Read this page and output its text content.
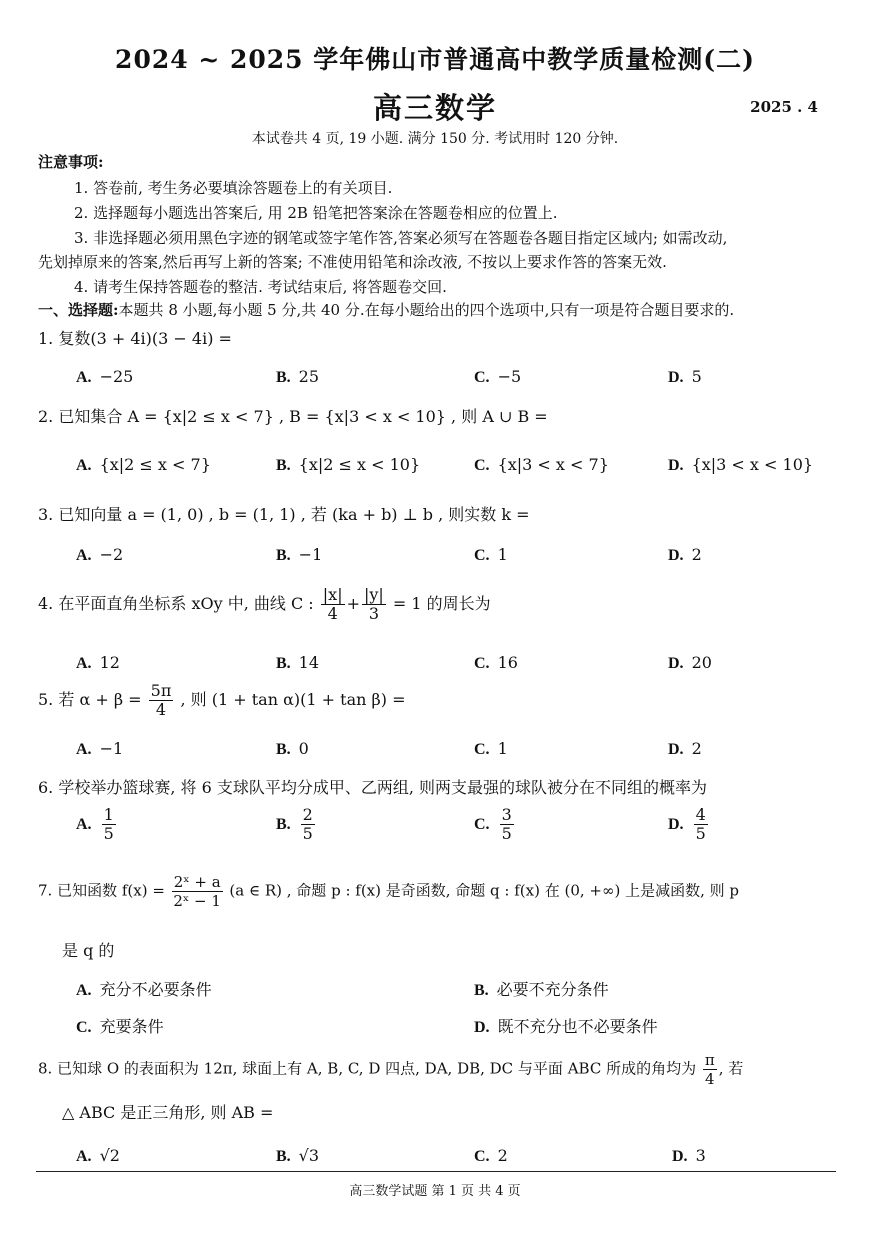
2024 ~ 2025 学年佛山市普通高中教学质量检测(二)
高三数学	2025 . 4
本试卷共 4 页, 19 小题. 满分 150 分. 考试用时 120 分钟.
注意事项:
1. 答卷前, 考生务必要填涂答题卷上的有关项目.
2. 选择题每小题选出答案后, 用 2B 铅笔把答案涂在答题卷相应的位置上.
3. 非选择题必须用黑色字迹的钢笔或签字笔作答,答案必须写在答题卷各题目指定区域内; 如需改动,
先划掉原来的答案,然后再写上新的答案; 不准使用铅笔和涂改液, 不按以上要求作答的答案无效.
4. 请考生保持答题卷的整洁. 考试结束后, 将答题卷交回.
一、选择题:本题共 8 小题,每小题 5 分,共 40 分.在每小题给出的四个选项中,只有一项是符合题目要求的.
1. 复数(3 + 4i)(3 − 4i) =
A. −25	B. 25	C. −5	D. 5
2. 已知集合 A = {x|2 ≤ x < 7} , B = {x|3 < x < 10} , 则 A ∪ B =
A. {x|2 ≤ x < 7}	B. {x|2 ≤ x < 10}	C. {x|3 < x < 7}	D. {x|3 < x < 10}
3. 已知向量 a = (1, 0) , b = (1, 1) , 若 (ka + b) ⊥ b , 则实数 k =
A. −2	B. −1	C. 1	D. 2
4. 在平面直角坐标系 xOy 中, 曲线 C : $\frac{|x|}{4} + \frac{|y|}{3} = 1$ 的周长为
A. 12	B. 14	C. 16	D. 20
5. 若 $\alpha + \beta = \frac{5\pi}{4}$ , 则 (1 + tan α)(1 + tan β) =
A. −1	B. 0	C. 1	D. 2
6. 学校举办篮球赛, 将 6 支球队平均分成甲、乙两组, 则两支最强的球队被分在不同组的概率为
A. $\frac{1}{5}$	B. $\frac{2}{5}$	C. $\frac{3}{5}$	D. $\frac{4}{5}$
7. 已知函数 $f(x) = \frac{\text{2ˣ + a}}{\text{2ˣ − 1}} (a$ ∈ R) , 命题 p : f(x) 是奇函数, 命题 q : f(x) 在 (0, +∞) 上是减函数, 则 p
是 q 的
A. 充分不必要条件	B. 必要不充分条件
C. 充要条件	D. 既不充分也不必要条件
8. 已知球 O 的表面积为 12π, 球面上有 A, B, C, D 四点, DA, DB, DC 与平面 ABC 所成的角均为 $\frac{\pi}{4}$ , 若
△ ABC 是正三角形, 则 AB =
A. √2	B. √3	C. 2	D. 3
高三数学试题 第 1 页 共 4 页
